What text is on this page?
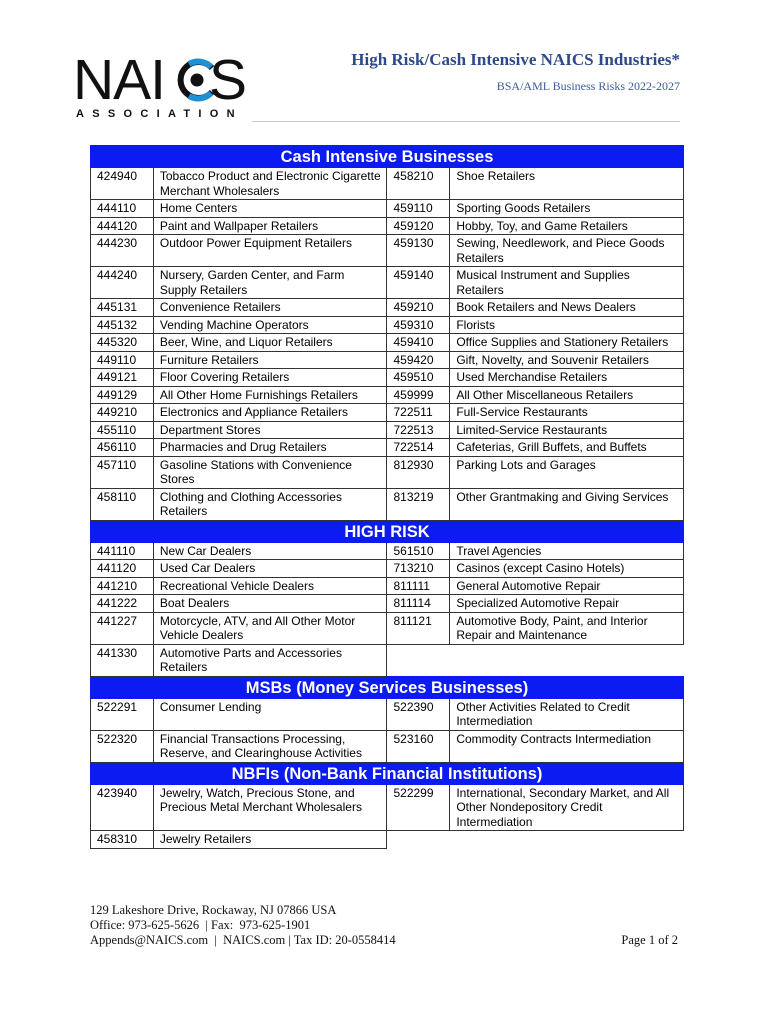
NAI S
ASSOCIATION
High Risk/Cash Intensive NAICS Industries*
BSA/AML Business Risks 2022-2027
Cash Intensive Businesses			
424940	Tobacco Product and Electronic Cigarette Merchant Wholesalers	458210	Shoe Retailers
444110	Home Centers	459110	Sporting Goods Retailers
444120	Paint and Wallpaper Retailers	459120	Hobby, Toy, and Game Retailers
444230	Outdoor Power Equipment Retailers	459130	Sewing, Needlework, and Piece Goods Retailers
444240	Nursery, Garden Center, and Farm Supply Retailers	459140	Musical Instrument and Supplies Retailers
445131	Convenience Retailers	459210	Book Retailers and News Dealers
445132	Vending Machine Operators	459310	Florists
445320	Beer, Wine, and Liquor Retailers	459410	Office Supplies and Stationery Retailers
449110	Furniture Retailers	459420	Gift, Novelty, and Souvenir Retailers
449121	Floor Covering Retailers	459510	Used Merchandise Retailers
449129	All Other Home Furnishings Retailers	459999	All Other Miscellaneous Retailers
449210	Electronics and Appliance Retailers	722511	Full-Service Restaurants
455110	Department Stores	722513	Limited-Service Restaurants
456110	Pharmacies and Drug Retailers	722514	Cafeterias, Grill Buffets, and Buffets
457110	Gasoline Stations with Convenience Stores	812930	Parking Lots and Garages
458110	Clothing and Clothing Accessories Retailers	813219	Other Grantmaking and Giving Services
HIGH RISK			
441110	New Car Dealers	561510	Travel Agencies
441120	Used Car Dealers	713210	Casinos (except Casino Hotels)
441210	Recreational Vehicle Dealers	811111	General Automotive Repair
441222	Boat Dealers	811114	Specialized Automotive Repair
441227	Motorcycle, ATV, and All Other Motor Vehicle Dealers	811121	Automotive Body, Paint, and Interior Repair and Maintenance
441330	Automotive Parts and Accessories Retailers		
MSBs (Money Services Businesses)			
522291	Consumer Lending	522390	Other Activities Related to Credit Intermediation
522320	Financial Transactions Processing, Reserve, and Clearinghouse Activities	523160	Commodity Contracts Intermediation
NBFIs (Non-Bank Financial Institutions)			
423940	Jewelry, Watch, Precious Stone, and Precious Metal Merchant Wholesalers	522299	International, Secondary Market, and All Other Nondepository Credit Intermediation
458310	Jewelry Retailers		
129 Lakeshore Drive, Rockaway, NJ 07866 USA
Office: 973-625-5626  | Fax:  973-625-1901
Appends@NAICS.com  |  NAICS.com | Tax ID: 20-0558414	Page 1 of 2
